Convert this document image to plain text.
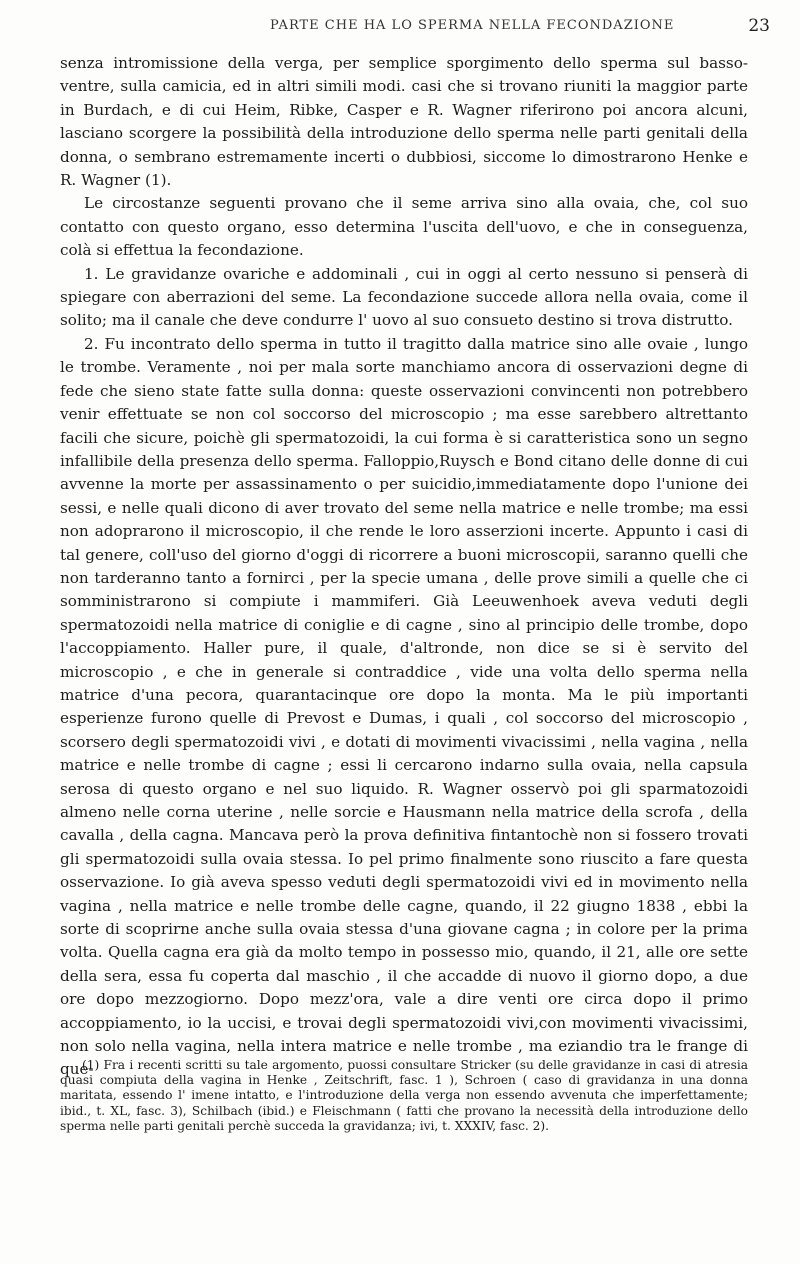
PARTE CHE HA LO SPERMA NELLA FECONDAZIONE	23

senza intromissione della verga, per semplice sporgimento dello sperma sul basso-ventre, sulla camicia, ed in altri simili modi. casi che si trovano riuniti la maggior parte in Burdach, e di cui Heim, Ribke, Casper e R. Wagner riferirono poi ancora alcuni, lasciano scorgere la possibilità della introduzione dello sperma nelle parti genitali della donna, o sembrano estremamente incerti o dubbiosi, siccome lo dimostrarono Henke e R. Wagner (1).

Le circostanze seguenti provano che il seme arriva sino alla ovaia, che, col suo contatto con questo organo, esso determina l'uscita dell'uovo, e che in conseguenza, colà si effettua la fecondazione.

1. Le gravidanze ovariche e addominali , cui in oggi al certo nessuno si penserà di spiegare con aberrazioni del seme. La fecondazione succede allora nella ovaia, come il solito; ma il canale che deve condurre l' uovo al suo consueto destino si trova distrutto.

2. Fu incontrato dello sperma in tutto il tragitto dalla matrice sino alle ovaie , lungo le trombe. Veramente , noi per mala sorte manchiamo ancora di osservazioni degne di fede che sieno state fatte sulla donna: queste osservazioni convincenti non potrebbero venir effettuate se non col soccorso del microscopio ; ma esse sarebbero altrettanto facili che sicure, poichè gli spermatozoidi, la cui forma è si caratteristica sono un segno infallibile della presenza dello sperma. Falloppio,Ruysch e Bond citano delle donne di cui avvenne la morte per assassinamento o per suicidio,immediatamente dopo l'unione dei sessi, e nelle quali dicono di aver trovato del seme nella matrice e nelle trombe; ma essi non adoprarono il microscopio, il che rende le loro asserzioni incerte. Appunto i casi di tal genere, coll'uso del giorno d'oggi di ricorrere a buoni microscopii, saranno quelli che non tarderanno tanto a fornirci , per la specie umana , delle prove simili a quelle che ci somministrarono si compiute i mammiferi. Già Leeuwenhoek aveva veduti degli spermatozoidi nella matrice di coniglie e di cagne , sino al principio delle trombe, dopo l'accoppiamento. Haller pure, il quale, d'altronde, non dice se si è servito del microscopio , e che in generale si contraddice , vide una volta dello sperma nella matrice d'una pecora, quarantacinque ore dopo la monta. Ma le più importanti esperienze furono quelle di Prevost e Dumas, i quali , col soccorso del microscopio , scorsero degli spermatozoidi vivi , e dotati di movimenti vivacissimi , nella vagina , nella matrice e nelle trombe di cagne ; essi li cercarono indarno sulla ovaia, nella capsula serosa di questo organo e nel suo liquido. R. Wagner osservò poi gli sparmatozoidi almeno nelle corna uterine , nelle sorcie e Hausmann nella matrice della scrofa , della cavalla , della cagna. Mancava però la prova definitiva fintantochè non si fossero trovati gli spermatozoidi sulla ovaia stessa. Io pel primo finalmente sono riuscito a fare questa osservazione. Io già aveva spesso veduti degli spermatozoidi vivi ed in movimento nella vagina , nella matrice e nelle trombe delle cagne, quando, il 22 giugno 1838 , ebbi la sorte di scoprirne anche sulla ovaia stessa d'una giovane cagna ; in colore per la prima volta. Quella cagna era già da molto tempo in possesso mio, quando, il 21, alle ore sette della sera, essa fu coperta dal maschio , il che accadde di nuovo il giorno dopo, a due ore dopo mezzogiorno. Dopo mezz'ora, vale a dire venti ore circa dopo il primo accoppiamento, io la uccisi, e trovai degli spermatozoidi vivi,con movimenti vivacissimi, non solo nella vagina, nella intera matrice e nelle trombe , ma eziandio tra le frange di que-

(1) Fra i recenti scritti su tale argomento, puossi consultare Stricker (su delle gravidanze in casi di atresia quasi compiuta della vagina in Henke , Zeitschrift, fasc. 1 ), Schroen ( caso di gravidanza in una donna maritata, essendo l' imene intatto, e l'introduzione della verga non essendo avvenuta che imperfettamente; ibid., t. XL, fasc. 3), Schilbach (ibid.) e Fleischmann ( fatti che provano la necessità della introduzione dello sperma nelle parti genitali perchè succeda la gravidanza; ivi, t. XXXIV, fasc. 2).
